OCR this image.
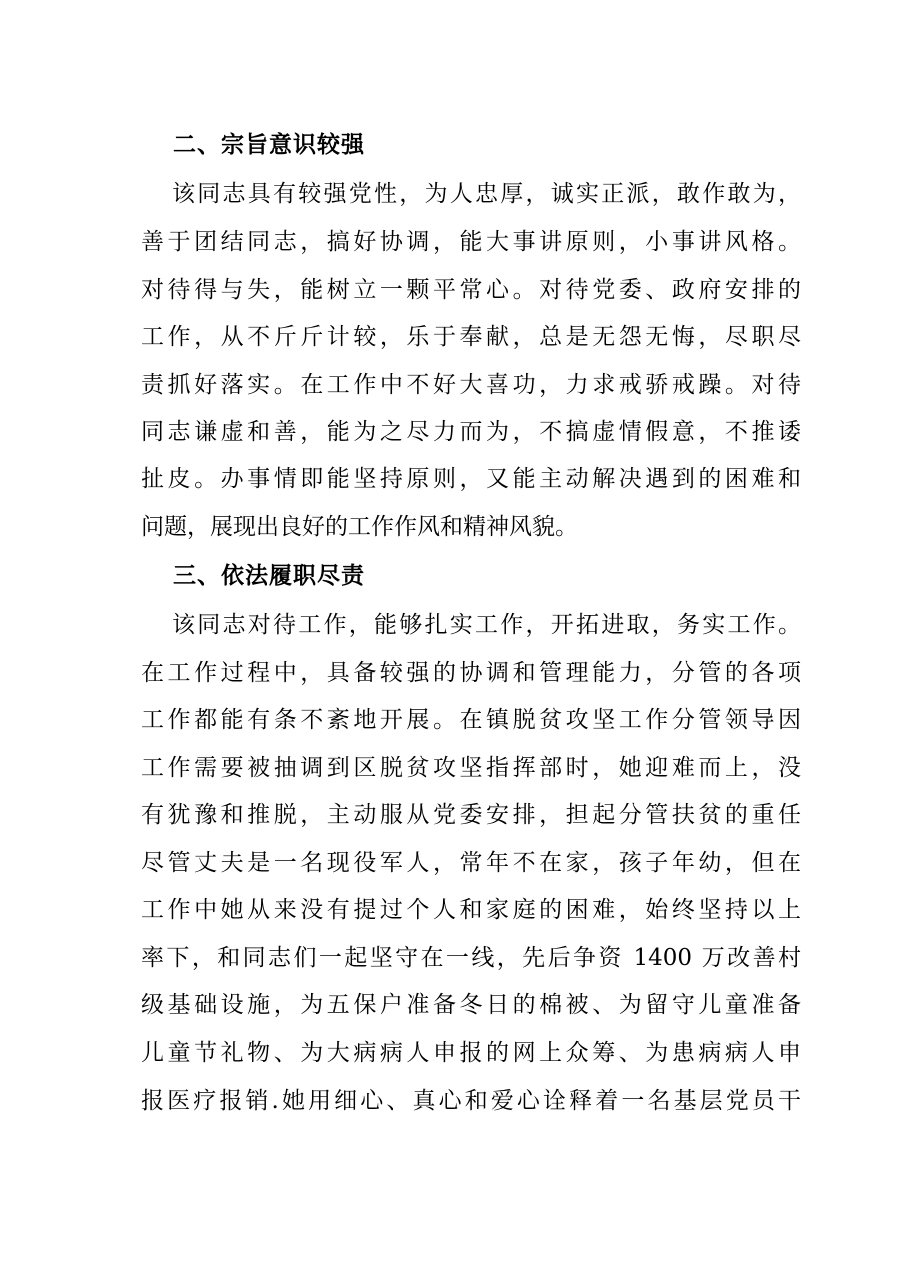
二、宗旨意识较强
该同志具有较强党性，为人忠厚，诚实正派，敢作敢为，
善于团结同志，搞好协调，能大事讲原则，小事讲风格。
对待得与失，能树立一颗平常心。对待党委、政府安排的
工作，从不斤斤计较，乐于奉献，总是无怨无悔，尽职尽
责抓好落实。在工作中不好大喜功，力求戒骄戒躁。对待
同志谦虚和善，能为之尽力而为，不搞虚情假意，不推诿
扯皮。办事情即能坚持原则，又能主动解决遇到的困难和
问题，展现出良好的工作作风和精神风貌。
三、依法履职尽责
该同志对待工作，能够扎实工作，开拓进取，务实工作。
在工作过程中，具备较强的协调和管理能力，分管的各项
工作都能有条不紊地开展。在镇脱贫攻坚工作分管领导因
工作需要被抽调到区脱贫攻坚指挥部时，她迎难而上，没
有犹豫和推脱，主动服从党委安排，担起分管扶贫的重任
尽管丈夫是一名现役军人，常年不在家，孩子年幼，但在
工作中她从来没有提过个人和家庭的困难，始终坚持以上
率下，和同志们一起坚守在一线，先后争资 1400 万改善村
级基础设施，为五保户准备冬日的棉被、为留守儿童准备
儿童节礼物、为大病病人申报的网上众筹、为患病病人申
报医疗报销.她用细心、真心和爱心诠释着一名基层党员干
